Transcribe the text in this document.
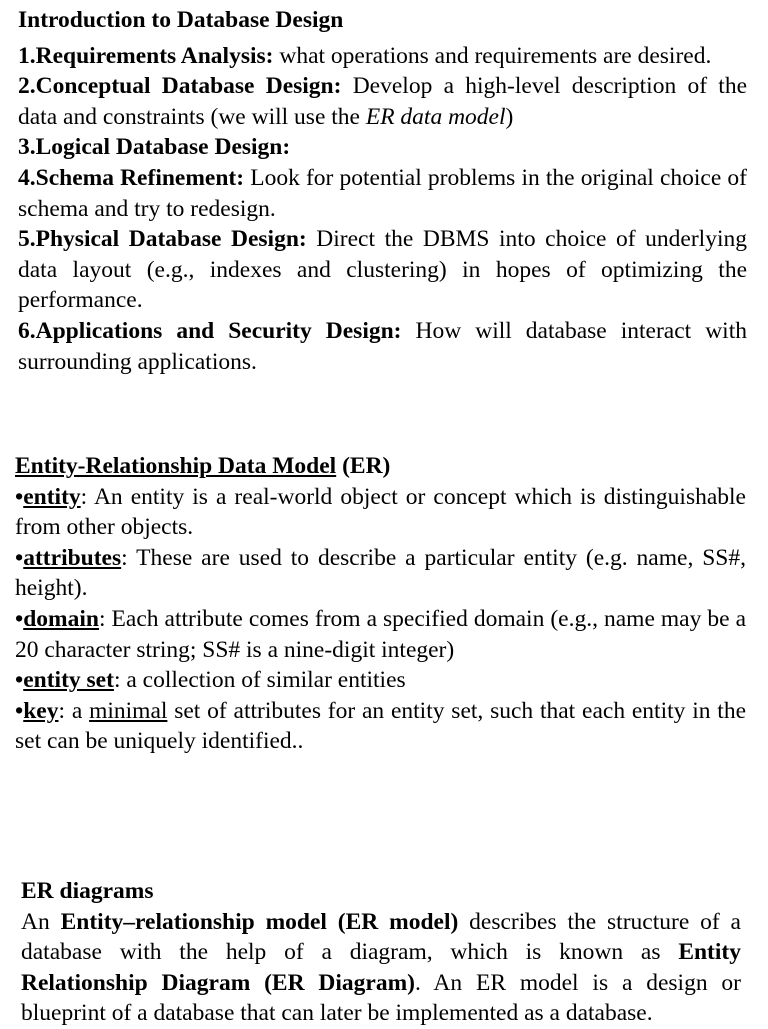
Introduction to Database Design

1.Requirements Analysis: what operations and requirements are desired.

2.Conceptual Database Design: Develop a high-level description of the data and constraints (we will use the ER data model)

3.Logical Database Design:

4.Schema Refinement: Look for potential problems in the original choice of schema and try to redesign.

5.Physical Database Design: Direct the DBMS into choice of underlying data layout (e.g., indexes and clustering) in hopes of optimizing the performance.

6.Applications and Security Design: How will database interact with surrounding applications.

Entity-Relationship Data Model (ER)

•entity: An entity is a real-world object or concept which is distinguishable from other objects.

•attributes: These are used to describe a particular entity (e.g. name, SS#, height).

•domain: Each attribute comes from a specified domain (e.g., name may be a 20 character string; SS# is a nine-digit integer)

•entity set: a collection of similar entities

•key: a minimal set of attributes for an entity set, such that each entity in the set can be uniquely identified..

ER diagrams

An Entity–relationship model (ER model) describes the structure of a database with the help of a diagram, which is known as Entity Relationship Diagram (ER Diagram). An ER model is a design or blueprint of a database that can later be implemented as a database.
